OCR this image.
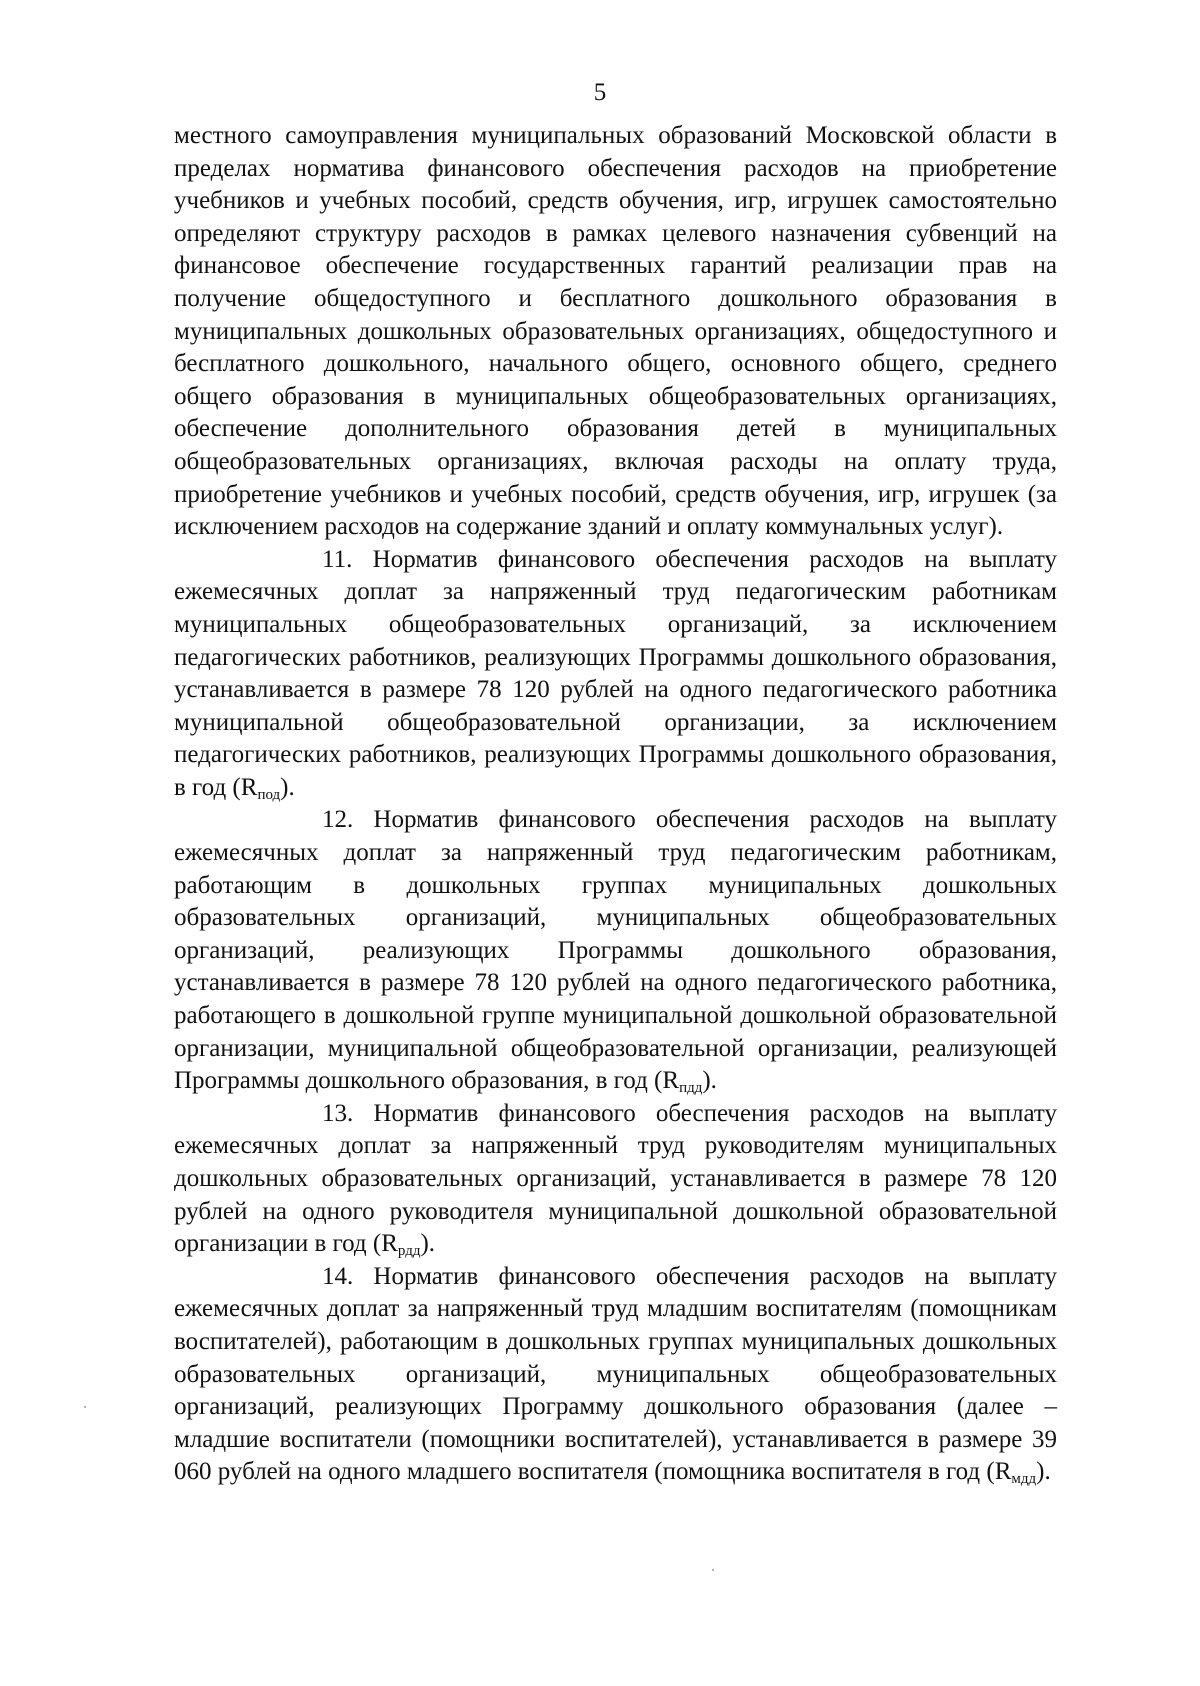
5

местного самоуправления муниципальных образований Московской области в пределах норматива финансового обеспечения расходов на приобретение учебников и учебных пособий, средств обучения, игр, игрушек самостоятельно определяют структуру расходов в рамках целевого назначения субвенций на финансовое обеспечение государственных гарантий реализации прав на получение общедоступного и бесплатного дошкольного образования в муниципальных дошкольных образовательных организациях, общедоступного и бесплатного дошкольного, начального общего, основного общего, среднего общего образования в муниципальных общеобразовательных организациях, обеспечение дополнительного образования детей в муниципальных общеобразовательных организациях, включая расходы на оплату труда, приобретение учебников и учебных пособий, средств обучения, игр, игрушек (за исключением расходов на содержание зданий и оплату коммунальных услуг).

11. Норматив финансового обеспечения расходов на выплату ежемесячных доплат за напряженный труд педагогическим работникам муниципальных общеобразовательных организаций, за исключением педагогических работников, реализующих Программы дошкольного образования, устанавливается в размере 78 120 рублей на одного педагогического работника муниципальной общеобразовательной организации, за исключением педагогических работников, реализующих Программы дошкольного образования, в год $(R_{под})$.

12. Норматив финансового обеспечения расходов на выплату ежемесячных доплат за напряженный труд педагогическим работникам, работающим в дошкольных группах муниципальных дошкольных образовательных организаций, муниципальных общеобразовательных организаций, реализующих Программы дошкольного образования, устанавливается в размере 78 120 рублей на одного педагогического работника, работающего в дошкольной группе муниципальной дошкольной образовательной организации, муниципальной общеобразовательной организации, реализующей Программы дошкольного образования, в год $(R_{пдд})$.

13. Норматив финансового обеспечения расходов на выплату ежемесячных доплат за напряженный труд руководителям муниципальных дошкольных образовательных организаций, устанавливается в размере 78 120 рублей на одного руководителя муниципальной дошкольной образовательной организации в год $(R_{рдд})$.

14. Норматив финансового обеспечения расходов на выплату ежемесячных доплат за напряженный труд младшим воспитателям (помощникам воспитателей), работающим в дошкольных группах муниципальных дошкольных образовательных организаций, муниципальных общеобразовательных организаций, реализующих Программу дошкольного образования (далее – младшие воспитатели (помощники воспитателей), устанавливается в размере 39 060 рублей на одного младшего воспитателя (помощника воспитателя в год $(R_{мдд})$.
